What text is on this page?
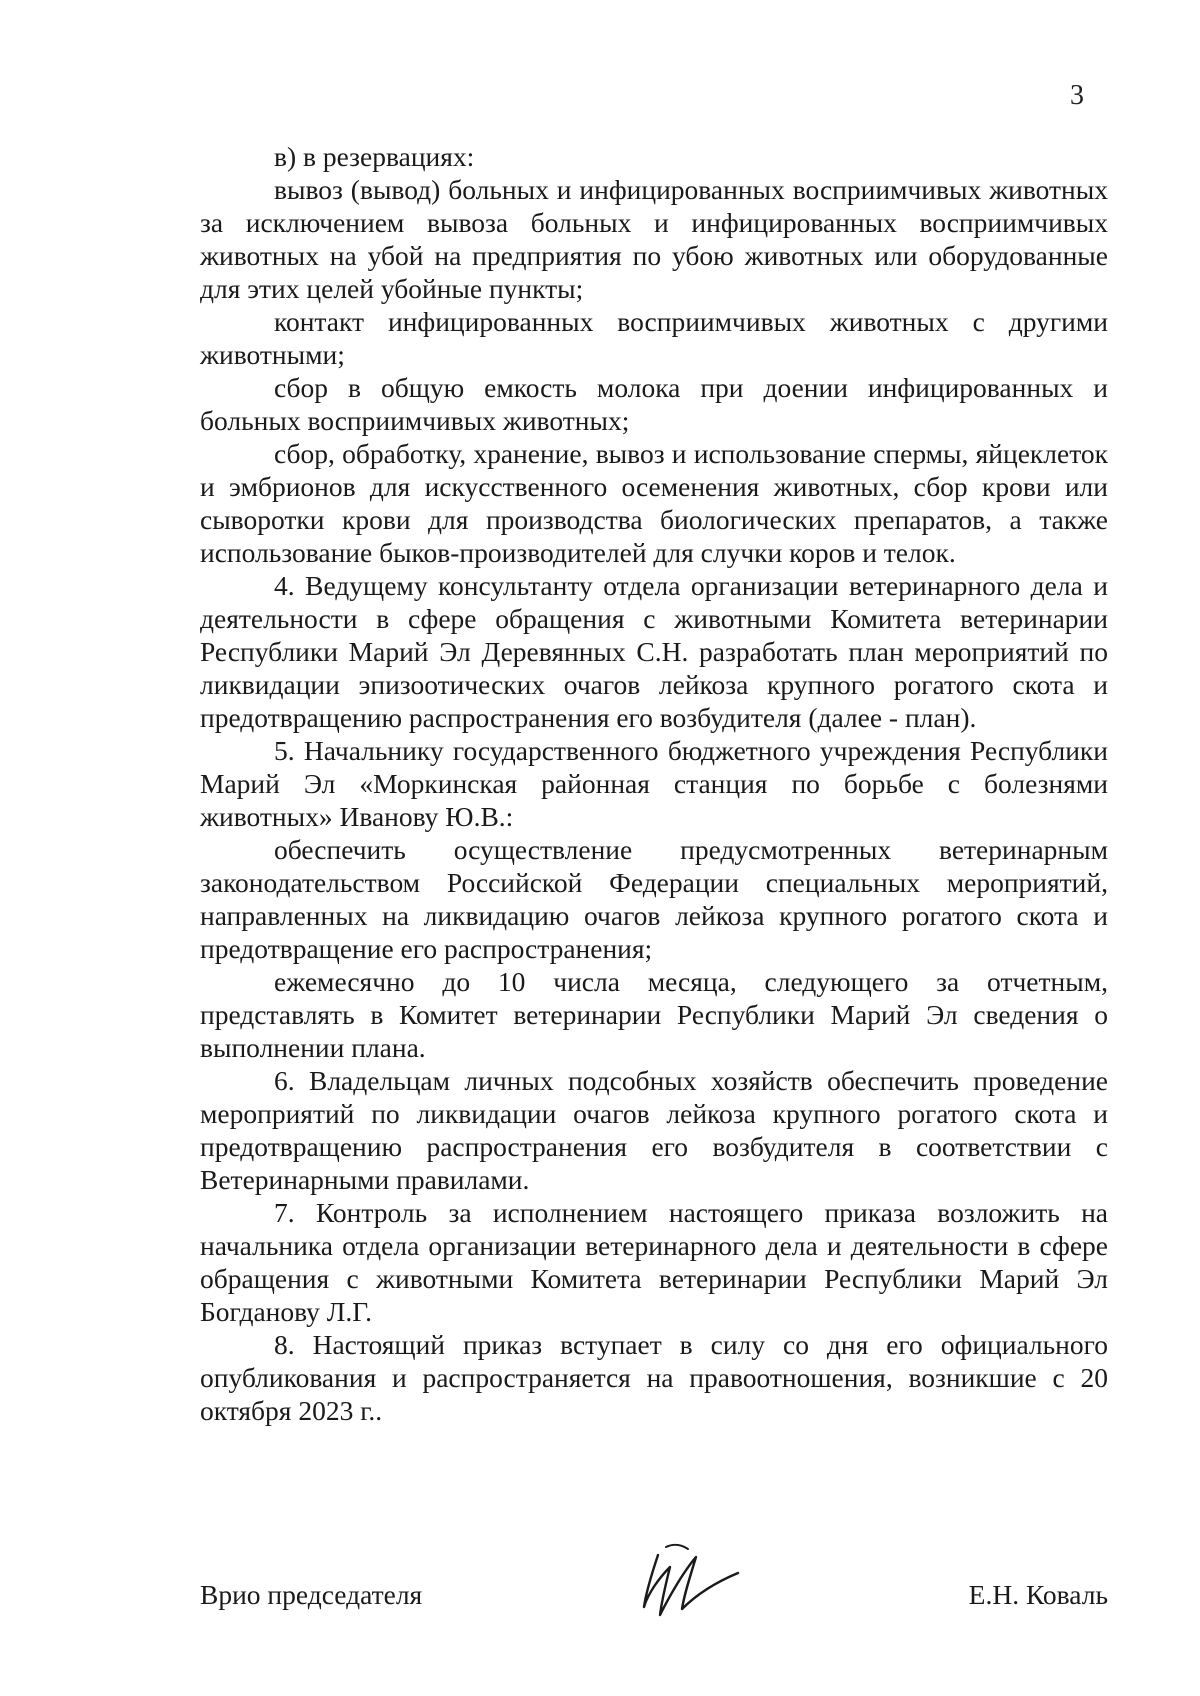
3

в) в резервациях:

вывоз (вывод) больных и инфицированных восприимчивых животных за исключением вывоза больных и инфицированных восприимчивых животных на убой на предприятия по убою животных или оборудованные для этих целей убойные пункты;

контакт инфицированных восприимчивых животных с другими животными;

сбор в общую емкость молока при доении инфицированных и больных восприимчивых животных;

сбор, обработку, хранение, вывоз и использование спермы, яйцеклеток и эмбрионов для искусственного осеменения животных, сбор крови или сыворотки крови для производства биологических препаратов, а также использование быков-производителей для случки коров и телок.

4. Ведущему консультанту отдела организации ветеринарного дела и деятельности в сфере обращения с животными Комитета ветеринарии Республики Марий Эл Деревянных С.Н. разработать план мероприятий по ликвидации эпизоотических очагов лейкоза крупного рогатого скота и предотвращению распространения его возбудителя (далее - план).

5. Начальнику государственного бюджетного учреждения Республики Марий Эл «Моркинская районная станция по борьбе с болезнями животных» Иванову Ю.В.:

обеспечить осуществление предусмотренных ветеринарным законодательством Российской Федерации специальных мероприятий, направленных на ликвидацию очагов лейкоза крупного рогатого скота и предотвращение его распространения;

ежемесячно до 10 числа месяца, следующего за отчетным, представлять в Комитет ветеринарии Республики Марий Эл сведения о выполнении плана.

6. Владельцам личных подсобных хозяйств обеспечить проведение мероприятий по ликвидации очагов лейкоза крупного рогатого скота и предотвращению распространения его возбудителя в соответствии с Ветеринарными правилами.

7. Контроль за исполнением настоящего приказа возложить на начальника отдела организации ветеринарного дела и деятельности в сфере обращения с животными Комитета ветеринарии Республики Марий Эл Богданову Л.Г.

8. Настоящий приказ вступает в силу со дня его официального опубликования и распространяется на правоотношения, возникшие с 20 октября 2023 г..

Врио председателя	Е.Н. Коваль
